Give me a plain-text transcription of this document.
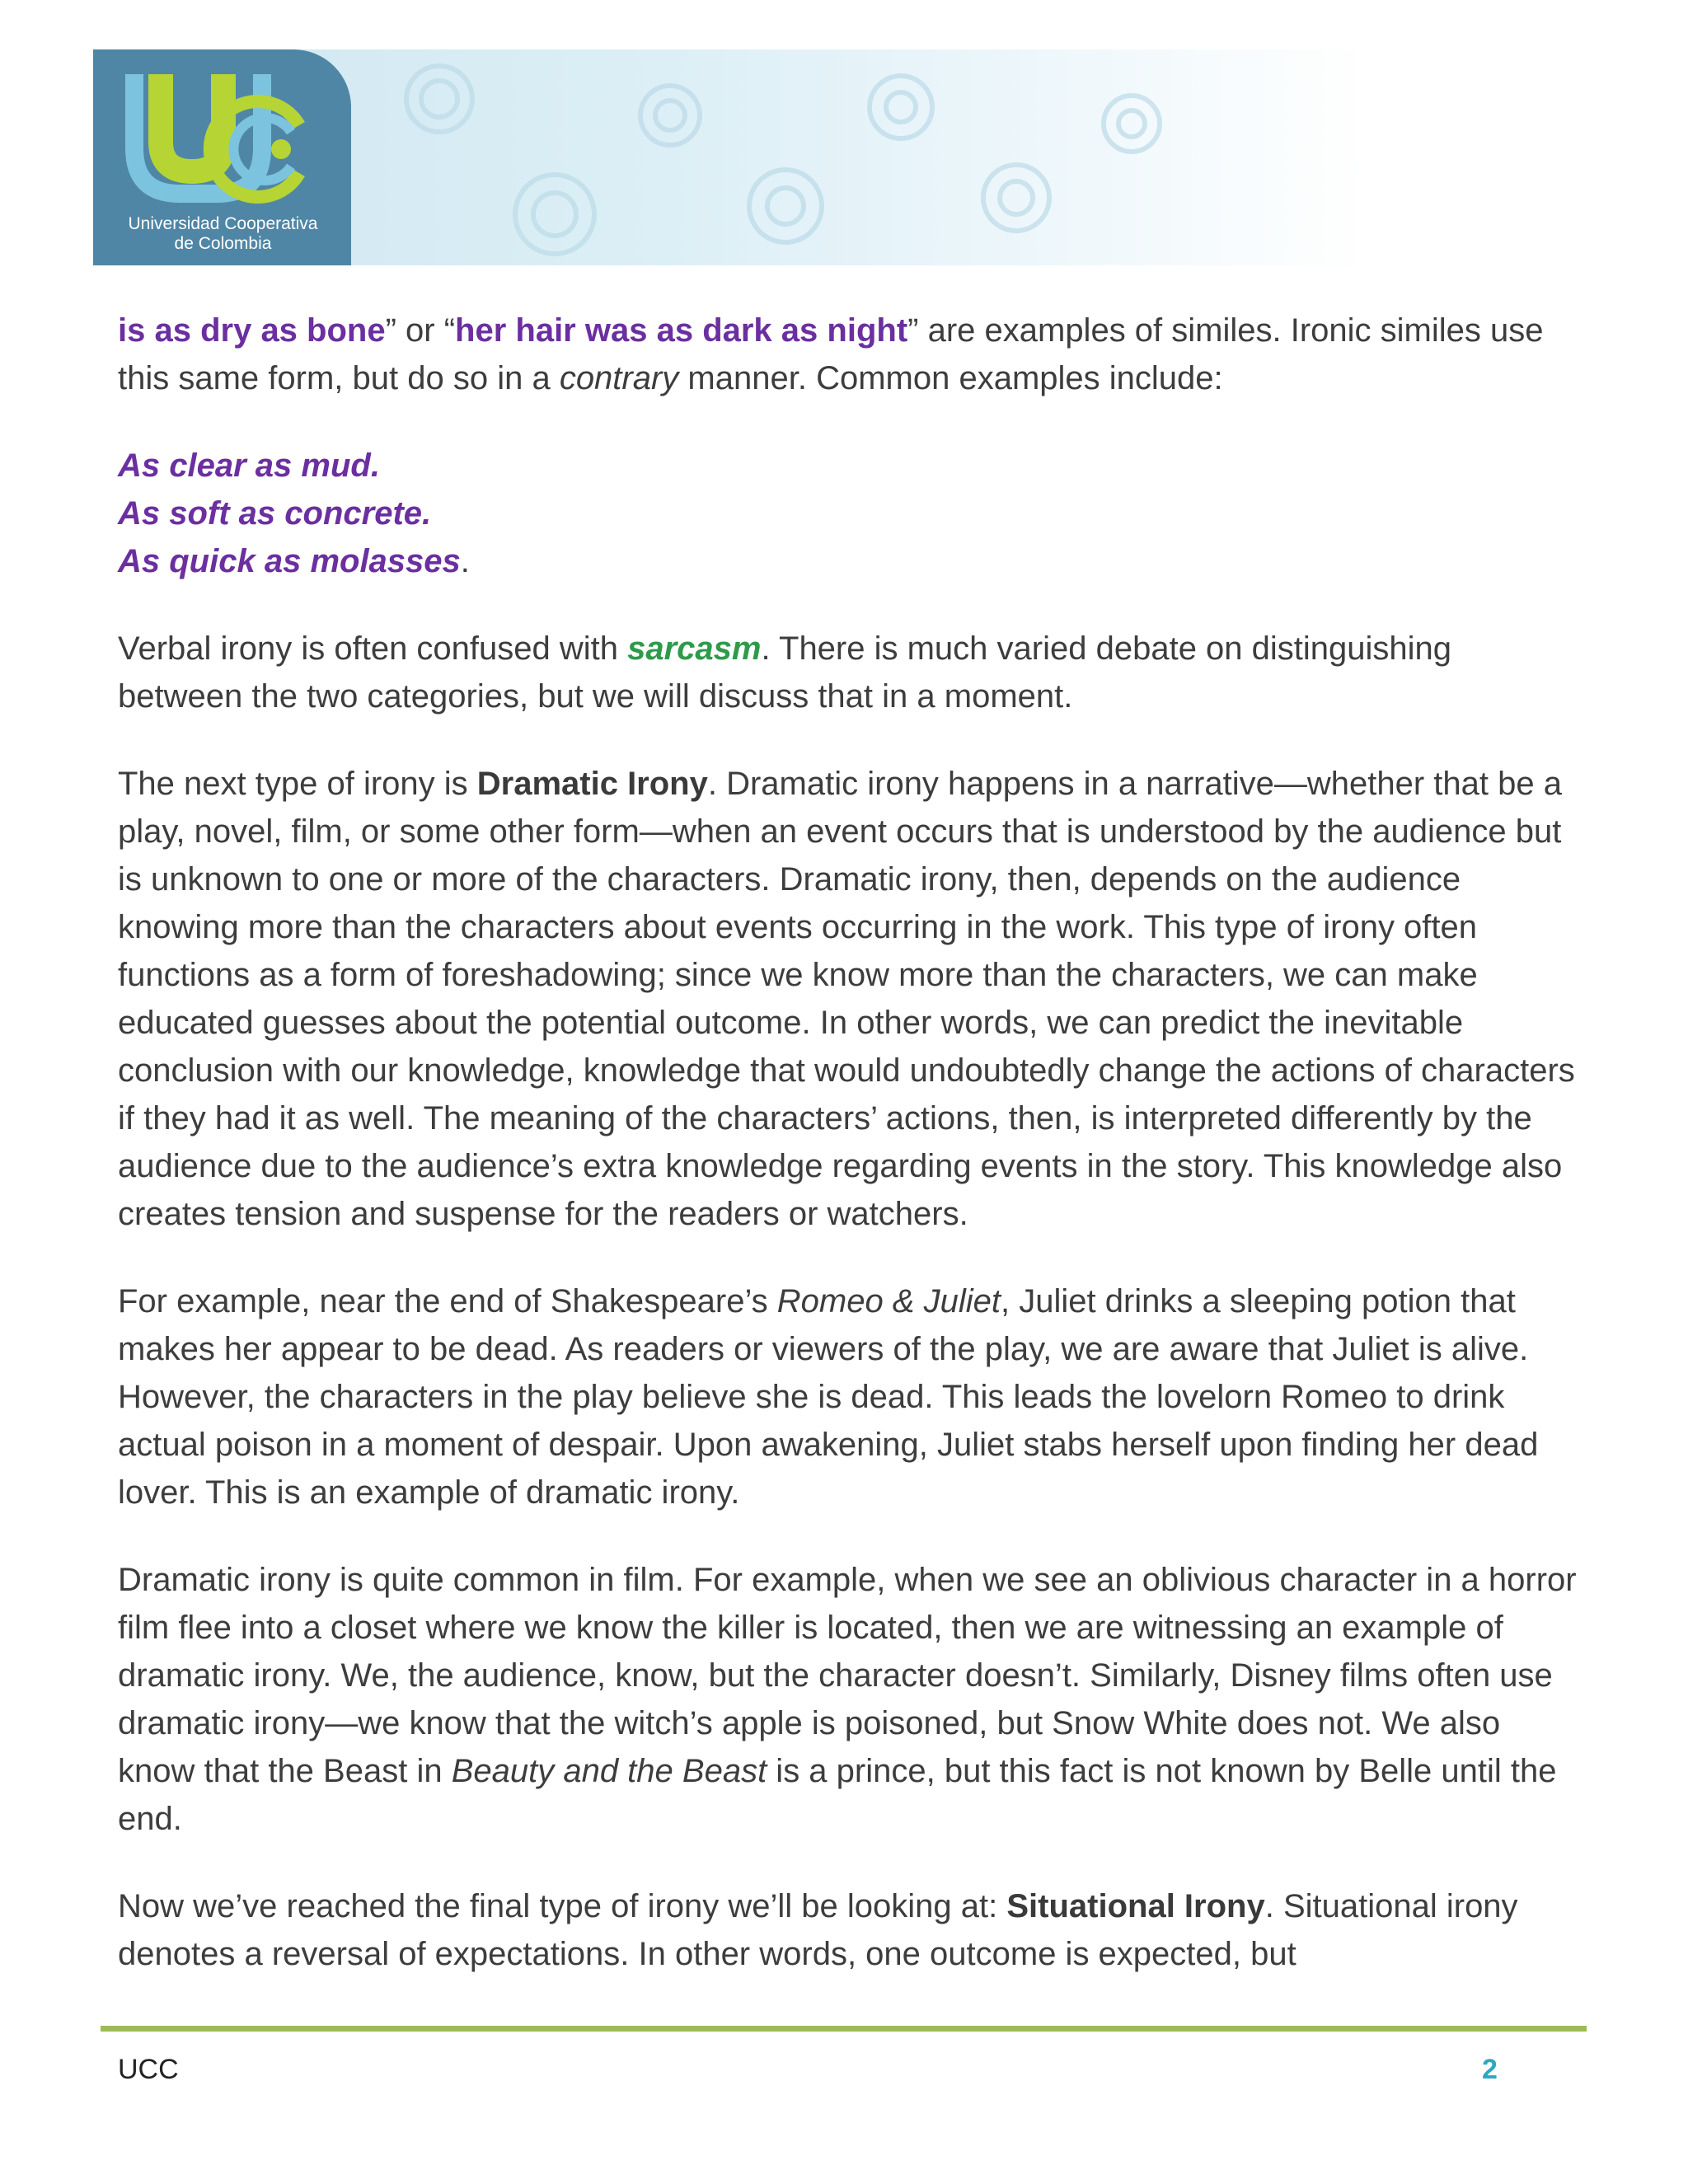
Universidad Cooperativa
de Colombia

is as dry as bone” or “her hair was as dark as night” are examples of similes. Ironic similes use this same form, but do so in a contrary manner. Common examples include:

As clear as mud.
As soft as concrete.
As quick as molasses.

Verbal irony is often confused with sarcasm. There is much varied debate on distinguishing between the two categories, but we will discuss that in a moment.

The next type of irony is Dramatic Irony. Dramatic irony happens in a narrative—whether that be a play, novel, film, or some other form—when an event occurs that is understood by the audience but is unknown to one or more of the characters. Dramatic irony, then, depends on the audience knowing more than the characters about events occurring in the work. This type of irony often functions as a form of foreshadowing; since we know more than the characters, we can make educated guesses about the potential outcome. In other words, we can predict the inevitable conclusion with our knowledge, knowledge that would undoubtedly change the actions of characters if they had it as well. The meaning of the characters’ actions, then, is interpreted differently by the audience due to the audience’s extra knowledge regarding events in the story. This knowledge also creates tension and suspense for the readers or watchers.

For example, near the end of Shakespeare’s Romeo & Juliet, Juliet drinks a sleeping potion that makes her appear to be dead. As readers or viewers of the play, we are aware that Juliet is alive. However, the characters in the play believe she is dead. This leads the lovelorn Romeo to drink actual poison in a moment of despair. Upon awakening, Juliet stabs herself upon finding her dead lover. This is an example of dramatic irony.

Dramatic irony is quite common in film. For example, when we see an oblivious character in a horror film flee into a closet where we know the killer is located, then we are witnessing an example of dramatic irony. We, the audience, know, but the character doesn’t. Similarly, Disney films often use dramatic irony—we know that the witch’s apple is poisoned, but Snow White does not. We also know that the Beast in Beauty and the Beast is a prince, but this fact is not known by Belle until the end.

Now we’ve reached the final type of irony we’ll be looking at: Situational Irony. Situational irony denotes a reversal of expectations. In other words, one outcome is expected, but

UCC	2
